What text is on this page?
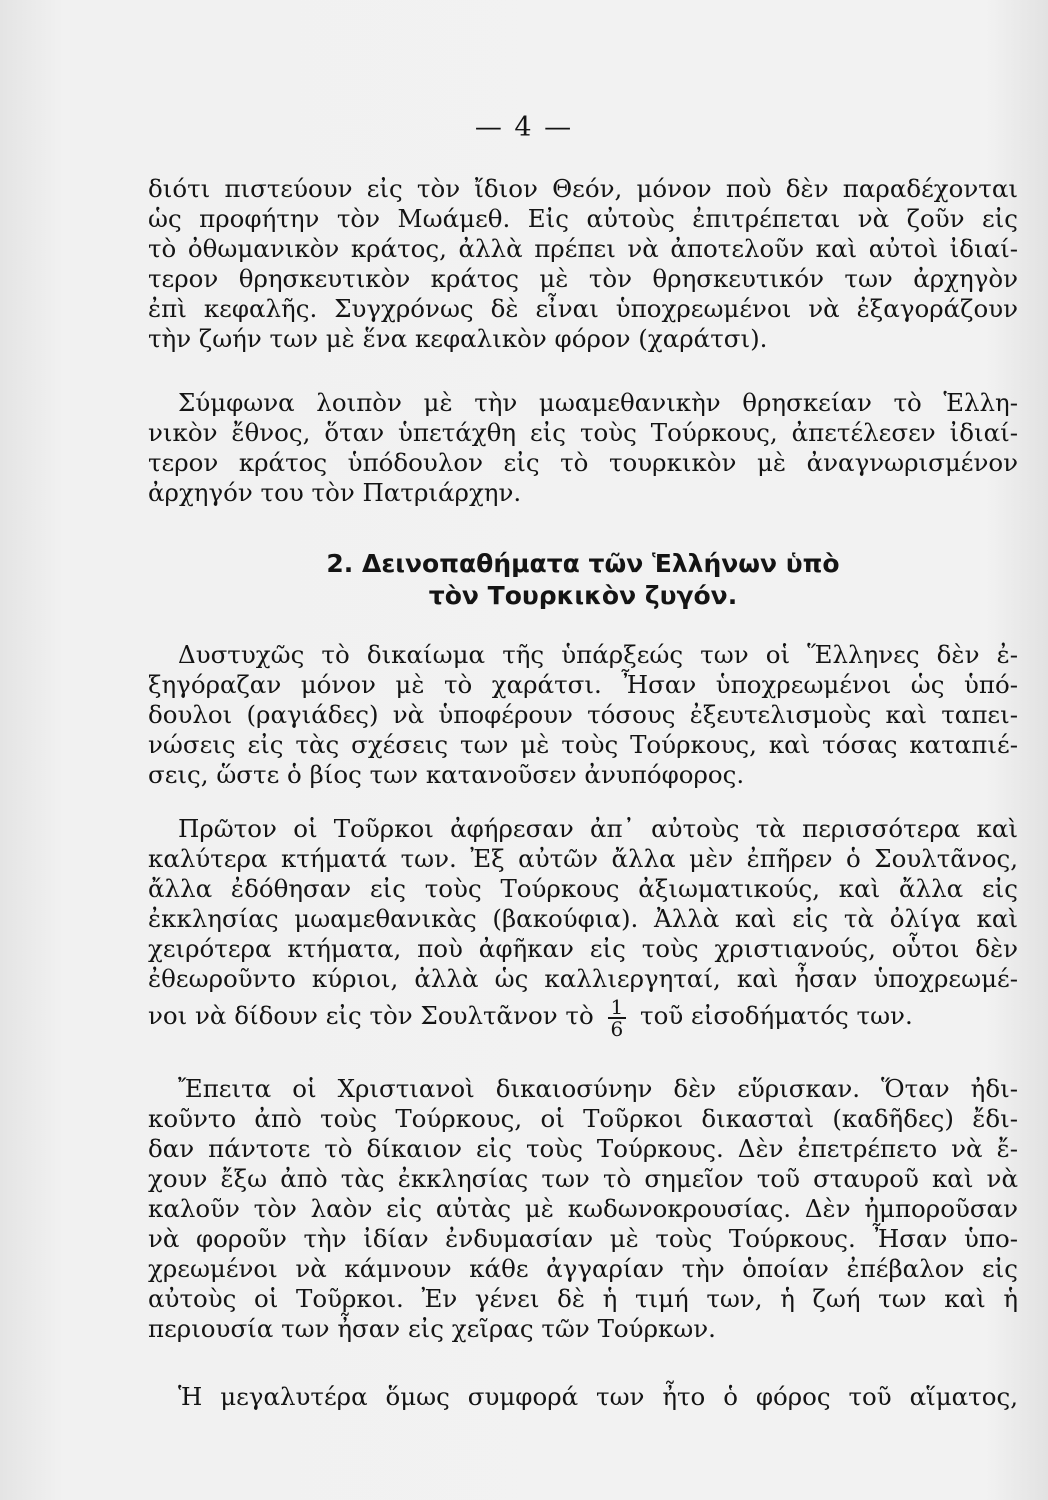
— 4 —
διότι πιστεύουν εἰς τὸν ἴδιον Θεόν, μόνον ποὺ δὲν παραδέχονται
ὡς προφήτην τὸν Μωάμεθ. Εἰς αὐτοὺς ἐπιτρέπεται νὰ ζοῦν εἰς
τὸ ὀθωμανικὸν κράτος, ἀλλὰ πρέπει νὰ ἀποτελοῦν καὶ αὐτοὶ ἰδιαί-
τερον θρησκευτικὸν κράτος μὲ τὸν θρησκευτικόν των ἀρχηγὸν
ἐπὶ κεφαλῆς. Συγχρόνως δὲ εἶναι ὑποχρεωμένοι νὰ ἐξαγοράζουν
τὴν ζωήν των μὲ ἕνα κεφαλικὸν φόρον (χαράτσι).
Σύμφωνα λοιπὸν μὲ τὴν μωαμεθανικὴν θρησκείαν τὸ Ἑλλη-
νικὸν ἔθνος, ὅταν ὑπετάχθη εἰς τοὺς Τούρκους, ἀπετέλεσεν ἰδιαί-
τερον κράτος ὑπόδουλον εἰς τὸ τουρκικὸν μὲ ἀναγνωρισμένον
ἀρχηγόν του τὸν Πατριάρχην.
2. Δεινοπαθήματα τῶν Ἑλλήνων ὑπὸ
τὸν Τουρκικὸν ζυγόν.
Δυστυχῶς τὸ δικαίωμα τῆς ὑπάρξεώς των οἱ Ἕλληνες δὲν ἐ-
ξηγόραζαν μόνον μὲ τὸ χαράτσι. Ἦσαν ὑποχρεωμένοι ὡς ὑπό-
δουλοι (ραγιάδες) νὰ ὑποφέρουν τόσους ἐξευτελισμοὺς καὶ ταπει-
νώσεις εἰς τὰς σχέσεις των μὲ τοὺς Τούρκους, καὶ τόσας καταπιέ-
σεις, ὥστε ὁ βίος των κατανοῦσεν ἀνυπόφορος.
Πρῶτον οἱ Τοῦρκοι ἀφήρεσαν ἀπ᾽ αὐτοὺς τὰ περισσότερα καὶ
καλύτερα κτήματά των. Ἐξ αὐτῶν ἄλλα μὲν ἐπῆρεν ὁ Σουλτᾶνος,
ἄλλα ἐδόθησαν εἰς τοὺς Τούρκους ἀξιωματικούς, καὶ ἄλλα εἰς
ἐκκλησίας μωαμεθανικὰς (βακούφια). Ἀλλὰ καὶ εἰς τὰ ὀλίγα καὶ
χειρότερα κτήματα, ποὺ ἀφῆκαν εἰς τοὺς χριστιανούς, οὗτοι δὲν
ἐθεωροῦντο κύριοι, ἀλλὰ ὡς καλλιεργηταί, καὶ ἦσαν ὑποχρεωμέ-
νοι νὰ δίδουν εἰς τὸν Σουλτᾶνον τὸ $\frac{1}{6}$ τοῦ εἰσοδήματός των.
Ἔπειτα οἱ Χριστιανοὶ δικαιοσύνην δὲν εὕρισκαν. Ὅταν ἠδι-
κοῦντο ἀπὸ τοὺς Τούρκους, οἱ Τοῦρκοι δικασταὶ (καδῆδες) ἔδι-
δαν πάντοτε τὸ δίκαιον εἰς τοὺς Τούρκους. Δὲν ἐπετρέπετο νὰ ἔ-
χουν ἔξω ἀπὸ τὰς ἐκκλησίας των τὸ σημεῖον τοῦ σταυροῦ καὶ νὰ
καλοῦν τὸν λαὸν εἰς αὐτὰς μὲ κωδωνοκρουσίας. Δὲν ἠμποροῦσαν
νὰ φοροῦν τὴν ἰδίαν ἐνδυμασίαν μὲ τοὺς Τούρκους. Ἦσαν ὑπο-
χρεωμένοι νὰ κάμνουν κάθε ἀγγαρίαν τὴν ὁποίαν ἐπέβαλον εἰς
αὐτοὺς οἱ Τοῦρκοι. Ἐν γένει δὲ ἡ τιμή των, ἡ ζωή των καὶ ἡ
περιουσία των ἦσαν εἰς χεῖρας τῶν Τούρκων.
Ἡ μεγαλυτέρα ὅμως συμφορά των ἦτο ὁ φόρος τοῦ αἵματος,
